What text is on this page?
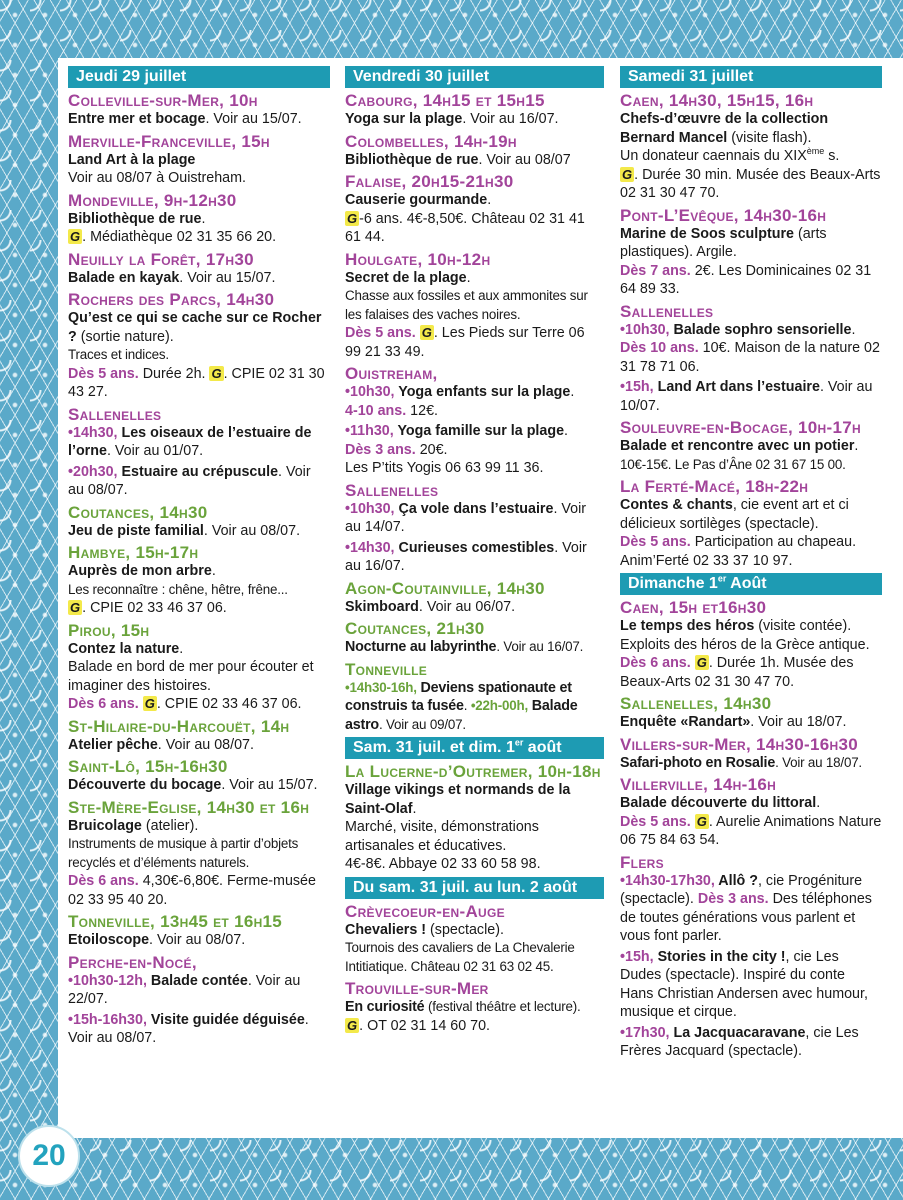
Jeudi 29 juillet
Colleville-sur-Mer, 10h
Entre mer et bocage. Voir au 15/07.
Merville-Franceville, 15h
Land Art à la plage
Voir au 08/07 à Ouistreham.
Mondeville, 9h-12h30
Bibliothèque de rue.
G . Médiathèque 02 31 35 66 20.
Neuilly la Forêt, 17h30
Balade en kayak. Voir au 15/07.
Rochers des Parcs, 14h30
Qu’est ce qui se cache sur ce Rocher ? (sortie nature).
Traces et indices.
Dès 5 ans. Durée 2h. G . CPIE 02 31 30 43 27.
Sallenelles
•14h30, Les oiseaux de l’estuaire de l’orne. Voir au 01/07.
•20h30, Estuaire au crépuscule. Voir au 08/07.
Coutances, 14h30
Jeu de piste familial. Voir au 08/07.
Hambye, 15h-17h
Auprès de mon arbre.
Les reconnaître : chêne, hêtre, frêne...
G . CPIE 02 33 46 37 06.
Pirou, 15h
Contez la nature.
Balade en bord de mer pour écouter et imaginer des histoires.
Dès 6 ans. G . CPIE 02 33 46 37 06.
St-Hilaire-du-Harcouët, 14h
Atelier pêche. Voir au 08/07.
Saint-Lô, 15h-16h30
Découverte du bocage. Voir au 15/07.
Ste-Mère-Eglise, 14h30 et 16h
Bruicolage (atelier).
Instruments de musique à partir d’objets recyclés et d’éléments naturels.
Dès 6 ans. 4,30€-6,80€. Ferme-musée 02 33 95 40 20.
Tonneville, 13h45 et 16h15
Etoiloscope. Voir au 08/07.
Perche-en-Nocé,
•10h30-12h, Balade contée. Voir au 22/07.
•15h-16h30, Visite guidée déguisée. Voir au 08/07.
Vendredi 30 juillet
Cabourg, 14h15 et 15h15
Yoga sur la plage. Voir au 16/07.
Colombelles, 14h-19h
Bibliothèque de rue. Voir au 08/07
Falaise, 20h15-21h30
Causerie gourmande.
G -6 ans. 4€-8,50€. Château 02 31 41 61 44.
Houlgate, 10h-12h
Secret de la plage.
Chasse aux fossiles et aux ammonites sur les falaises des vaches noires.
Dès 5 ans. G . Les Pieds sur Terre 06 99 21 33 49.
Ouistreham,
•10h30, Yoga enfants sur la plage.
4-10 ans. 12€.
•11h30, Yoga famille sur la plage.
Dès 3 ans. 20€.
Les P’tits Yogis 06 63 99 11 36.
Sallenelles
•10h30, Ça vole dans l’estuaire. Voir au 14/07.
•14h30, Curieuses comestibles. Voir au 16/07.
Agon-Coutainville, 14h30
Skimboard. Voir au 06/07.
Coutances, 21h30
Nocturne au labyrinthe. Voir au 16/07.
Tonneville
•14h30-16h, Deviens spationaute et construis ta fusée. •22h-00h, Balade astro. Voir au 09/07.
Sam. 31 juil. et dim. 1er août
La Lucerne-d’Outremer, 10h-18h
Village vikings et normands de la Saint-Olaf.
Marché, visite, démonstrations artisanales et éducatives.
4€-8€. Abbaye 02 33 60 58 98.
Du sam. 31 juil. au lun. 2 août
Crèvecoeur-en-Auge
Chevaliers ! (spectacle).
Tournois des cavaliers de La Chevalerie Intitiatique. Château 02 31 63 02 45.
Trouville-sur-Mer
En curiosité (festival théâtre et lecture).
G . OT 02 31 14 60 70.
Samedi 31 juillet
Caen, 14h30, 15h15, 16h
Chefs-d’œuvre de la collection Bernard Mancel (visite flash).
Un donateur caennais du XIXème s.
G . Durée 30 min. Musée des Beaux-Arts 02 31 30 47 70.
Pont-L’Evêque, 14h30-16h
Marine de Soos sculpture (arts plastiques). Argile.
Dès 7 ans. 2€. Les Dominicaines 02 31 64 89 33.
Sallenelles
•10h30, Balade sophro sensorielle.
Dès 10 ans. 10€. Maison de la nature 02 31 78 71 06.
•15h, Land Art dans l’estuaire. Voir au 10/07.
Souleuvre-en-Bocage, 10h-17h
Balade et rencontre avec un potier.
10€-15€. Le Pas d’Âne 02 31 67 15 00.
La Ferté-Macé, 18h-22h
Contes & chants, cie event art et ci délicieux sortilèges (spectacle).
Dès 5 ans. Participation au chapeau. Anim’Ferté 02 33 37 10 97.
Dimanche 1er Août
Caen, 15h et16h30
Le temps des héros (visite contée). Exploits des héros de la Grèce antique.
Dès 6 ans. G . Durée 1h. Musée des Beaux-Arts 02 31 30 47 70.
Sallenelles, 14h30
Enquête «Randart». Voir au 18/07.
Villers-sur-Mer, 14h30-16h30
Safari-photo en Rosalie. Voir au 18/07.
Villerville, 14h-16h
Balade découverte du littoral.
Dès 5 ans. G . Aurelie Animations Nature 06 75 84 63 54.
Flers
•14h30-17h30, Allô ?, cie Progéniture (spectacle). Dès 3 ans. Des téléphones de toutes générations vous parlent et vous font parler.
•15h, Stories in the city !, cie Les Dudes (spectacle). Inspiré du conte Hans Christian Andersen avec humour, musique et cirque.
•17h30, La Jacquacaravane, cie Les Frères Jacquard (spectacle).
20
